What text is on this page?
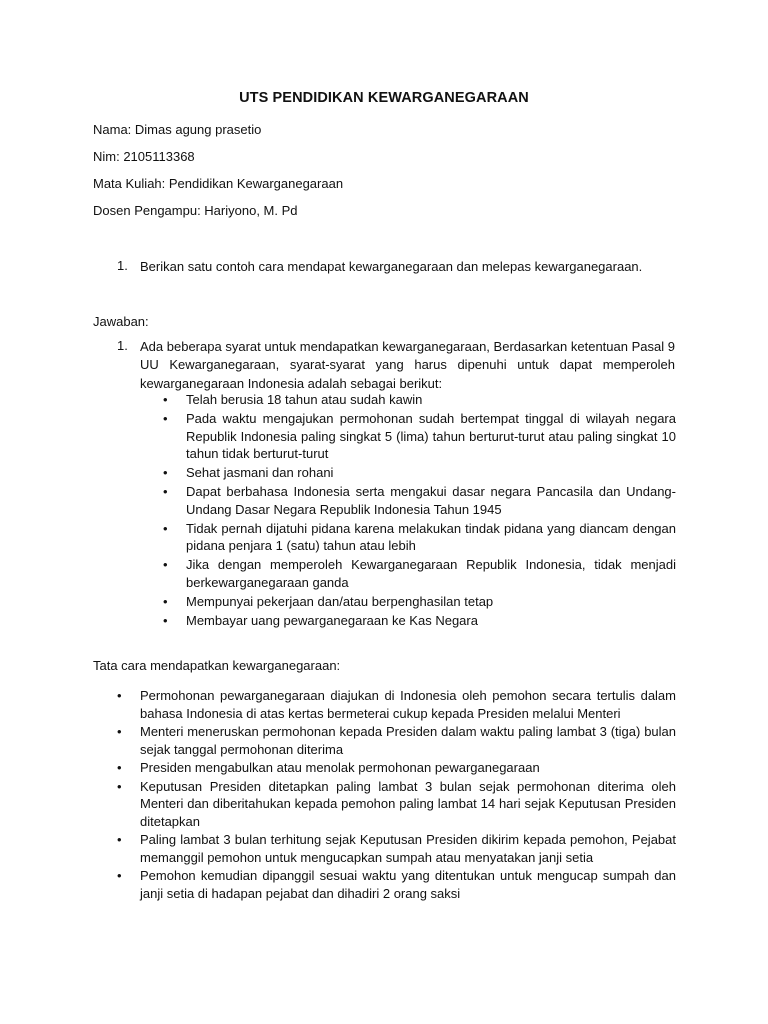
UTS PENDIDIKAN KEWARGANEGARAAN
Nama: Dimas agung prasetio
Nim: 2105113368
Mata Kuliah: Pendidikan Kewarganegaraan
Dosen Pengampu: Hariyono, M. Pd
1. Berikan satu contoh cara mendapat kewarganegaraan dan melepas kewarganegaraan.
Jawaban:
1. Ada beberapa syarat untuk mendapatkan kewarganegaraan, Berdasarkan ketentuan Pasal 9 UU Kewarganegaraan, syarat-syarat yang harus dipenuhi untuk dapat memperoleh kewarganegaraan Indonesia adalah sebagai berikut:
• Telah berusia 18 tahun atau sudah kawin
• Pada waktu mengajukan permohonan sudah bertempat tinggal di wilayah negara Republik Indonesia paling singkat 5 (lima) tahun berturut-turut atau paling singkat 10 tahun tidak berturut-turut
• Sehat jasmani dan rohani
• Dapat berbahasa Indonesia serta mengakui dasar negara Pancasila dan Undang-Undang Dasar Negara Republik Indonesia Tahun 1945
• Tidak pernah dijatuhi pidana karena melakukan tindak pidana yang diancam dengan pidana penjara 1 (satu) tahun atau lebih
• Jika dengan memperoleh Kewarganegaraan Republik Indonesia, tidak menjadi berkewarganegaraan ganda
• Mempunyai pekerjaan dan/atau berpenghasilan tetap
• Membayar uang pewarganegaraan ke Kas Negara
Tata cara mendapatkan kewarganegaraan:
• Permohonan pewarganegaraan diajukan di Indonesia oleh pemohon secara tertulis dalam bahasa Indonesia di atas kertas bermeterai cukup kepada Presiden melalui Menteri
• Menteri meneruskan permohonan kepada Presiden dalam waktu paling lambat 3 (tiga) bulan sejak tanggal permohonan diterima
• Presiden mengabulkan atau menolak permohonan pewarganegaraan
• Keputusan Presiden ditetapkan paling lambat 3 bulan sejak permohonan diterima oleh Menteri dan diberitahukan kepada pemohon paling lambat 14 hari sejak Keputusan Presiden ditetapkan
• Paling lambat 3 bulan terhitung sejak Keputusan Presiden dikirim kepada pemohon, Pejabat memanggil pemohon untuk mengucapkan sumpah atau menyatakan janji setia
• Pemohon kemudian dipanggil sesuai waktu yang ditentukan untuk mengucap sumpah dan janji setia di hadapan pejabat dan dihadiri 2 orang saksi
